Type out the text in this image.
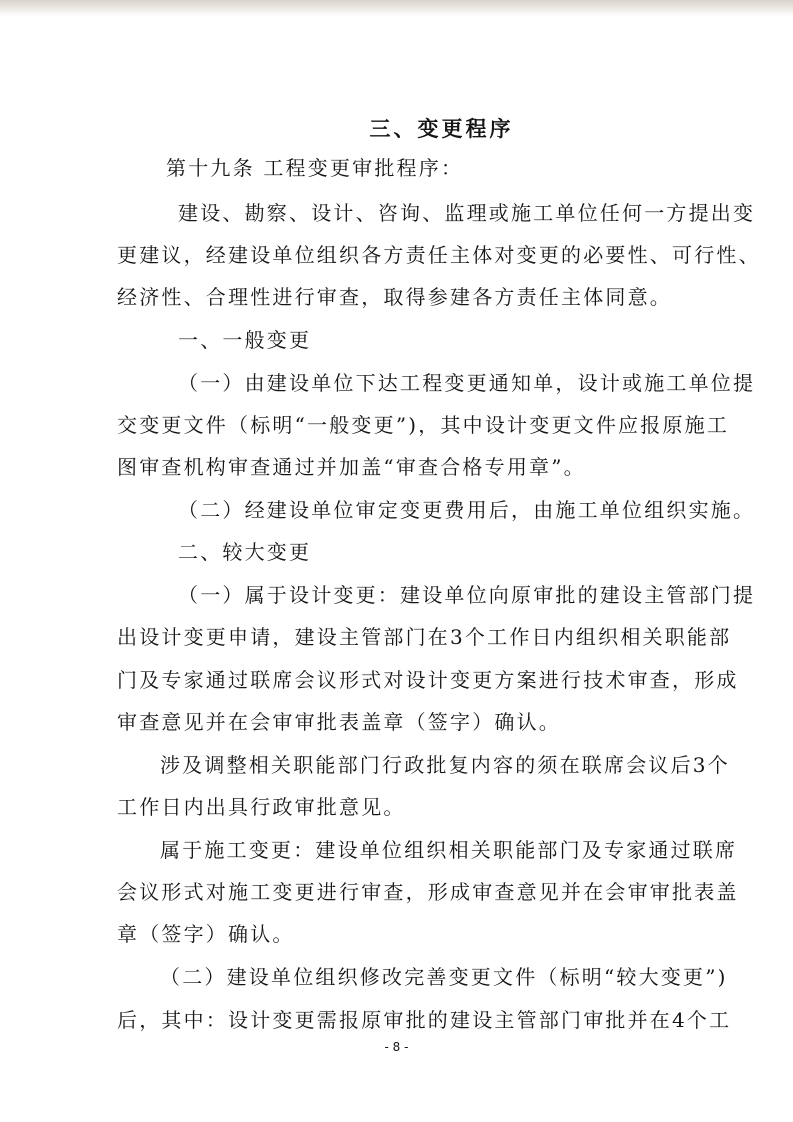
三、变更程序
第十九条 工程变更审批程序：
建设、勘察、设计、咨询、监理或施工单位任何一方提出变
更建议，经建设单位组织各方责任主体对变更的必要性、可行性、
经济性、合理性进行审查，取得参建各方责任主体同意。
一、一般变更
（一）由建设单位下达工程变更通知单，设计或施工单位提
交变更文件（标明“一般变更”)，其中设计变更文件应报原施工
图审查机构审查通过并加盖“审查合格专用章”。
（二）经建设单位审定变更费用后，由施工单位组织实施。
二、较大变更
（一）属于设计变更：建设单位向原审批的建设主管部门提
出设计变更申请，建设主管部门在3个工作日内组织相关职能部
门及专家通过联席会议形式对设计变更方案进行技术审查，形成
审查意见并在会审审批表盖章（签字）确认。
涉及调整相关职能部门行政批复内容的须在联席会议后3个
工作日内出具行政审批意见。
属于施工变更：建设单位组织相关职能部门及专家通过联席
会议形式对施工变更进行审查，形成审查意见并在会审审批表盖
章（签字）确认。
（二）建设单位组织修改完善变更文件（标明“较大变更”)
后，其中：设计变更需报原审批的建设主管部门审批并在4个工
- 8 -
